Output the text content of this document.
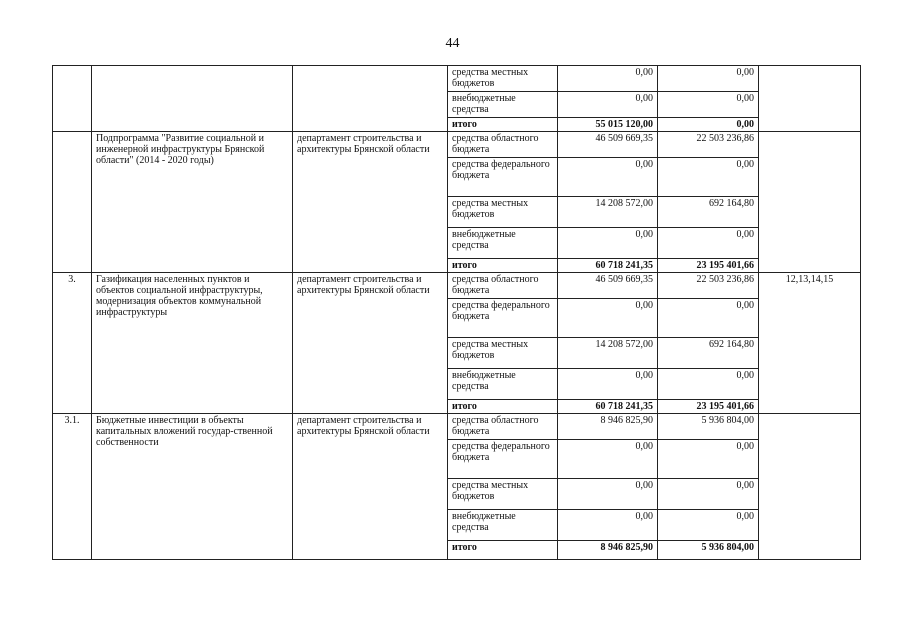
44
			средства местных бюджетов	0,00	0,00	
			внебюджетные средства	0,00	0,00	
			итого	55 015 120,00	0,00	
	Подпрограмма "Развитие социальной и инженерной инфраструктуры Брянской области" (2014 - 2020 годы)	департамент строительства и архитектуры Брянской области	средства областного бюджета	46 509 669,35	22 503 236,86	
			средства федерального бюджета	0,00	0,00	
			средства местных бюджетов	14 208 572,00	692 164,80	
			внебюджетные средства	0,00	0,00	
			итого	60 718 241,35	23 195 401,66	
3.	Газификация населенных пунктов и объектов социальной инфраструктуры, модернизация объектов коммунальной инфраструктуры	департамент строительства и архитектуры Брянской области	средства областного бюджета	46 509 669,35	22 503 236,86	12,13,14,15
			средства федерального бюджета	0,00	0,00	
			средства местных бюджетов	14 208 572,00	692 164,80	
			внебюджетные средства	0,00	0,00	
			итого	60 718 241,35	23 195 401,66	
3.1.	Бюджетные инвестиции в объекты капитальных вложений государ-ственной собственности	департамент строительства и архитектуры Брянской области	средства областного бюджета	8 946 825,90	5 936 804,00	
			средства федерального бюджета	0,00	0,00	
			средства местных бюджетов	0,00	0,00	
			внебюджетные средства	0,00	0,00	
			итого	8 946 825,90	5 936 804,00	
